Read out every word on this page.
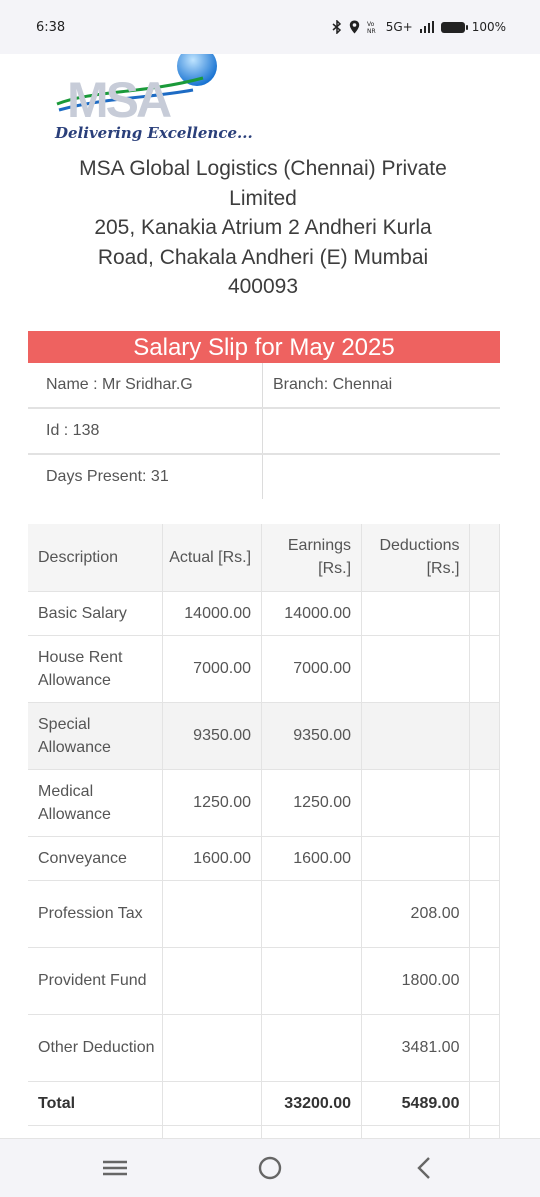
6:38	Vo
NR 5G+	100%
MSA
Delivering Excellence...
MSA Global Logistics (Chennai) Private Limited
205, Kanakia Atrium 2 Andheri Kurla Road, Chakala Andheri (E) Mumbai 400093
Salary Slip for May 2025
Name : Mr Sridhar.G	Branch: Chennai
Id : 138
Days Present: 31
Description	Actual [Rs.]	Earnings [Rs.]	Deductions [Rs.]	
Basic Salary	14000.00	14000.00		
House Rent Allowance	7000.00	7000.00		
Special Allowance	9350.00	9350.00		
Medical Allowance	1250.00	1250.00		
Conveyance	1600.00	1600.00		
Profession Tax			208.00	
Provident Fund			1800.00	
Other Deduction			3481.00	
Total		33200.00	5489.00	
